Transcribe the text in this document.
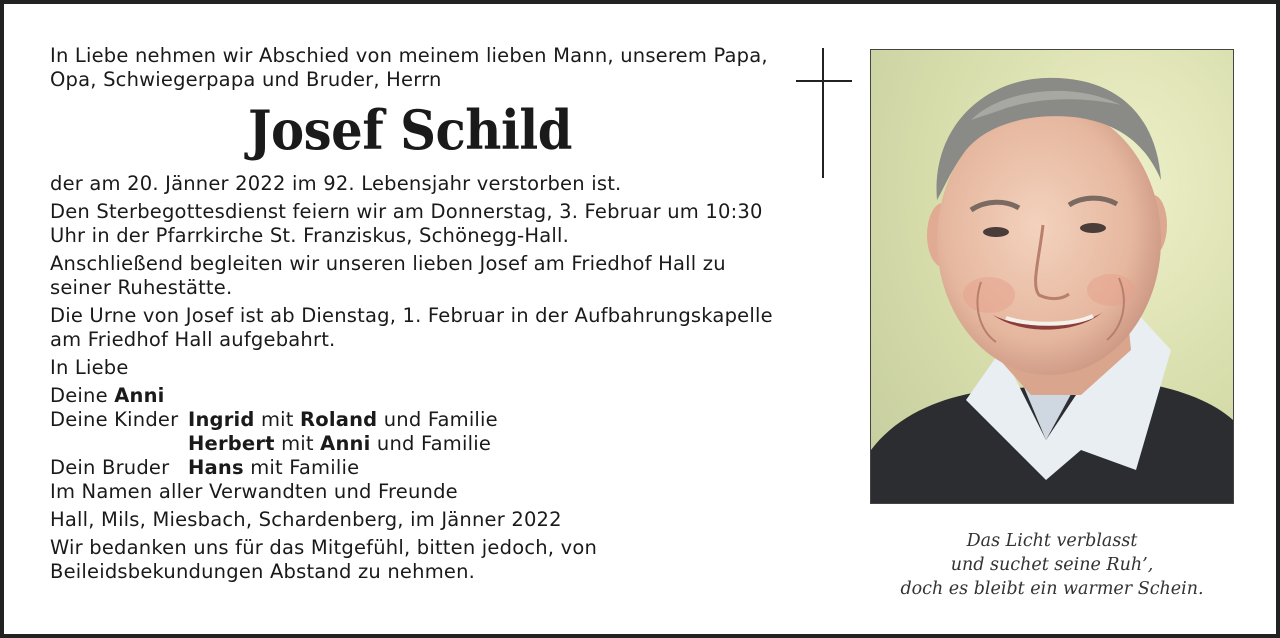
In Liebe nehmen wir Abschied von meinem lieben Mann, unserem Papa, Opa, Schwiegerpapa und Bruder, Herrn

Josef Schild

der am 20. Jänner 2022 im 92. Lebensjahr verstorben ist.

Den Sterbegottesdienst feiern wir am Donnerstag, 3. Februar um 10:30 Uhr in der Pfarrkirche St. Franziskus, Schönegg-Hall.

Anschließend begleiten wir unseren lieben Josef am Friedhof Hall zu seiner Ruhestätte.

Die Urne von Josef ist ab Dienstag, 1. Februar in der Aufbahrungskapelle am Friedhof Hall aufgebahrt.

In Liebe

Deine Anni
Deine Kinder Ingrid mit Roland und Familie
Herbert mit Anni und Familie
Dein Bruder Hans mit Familie

Im Namen aller Verwandten und Freunde

Hall, Mils, Miesbach, Schardenberg, im Jänner 2022

Wir bedanken uns für das Mitgefühl, bitten jedoch, von Beileidsbekundungen Abstand zu nehmen.

Das Licht verblasst
und suchet seine Ruh’,
doch es bleibt ein warmer Schein.
